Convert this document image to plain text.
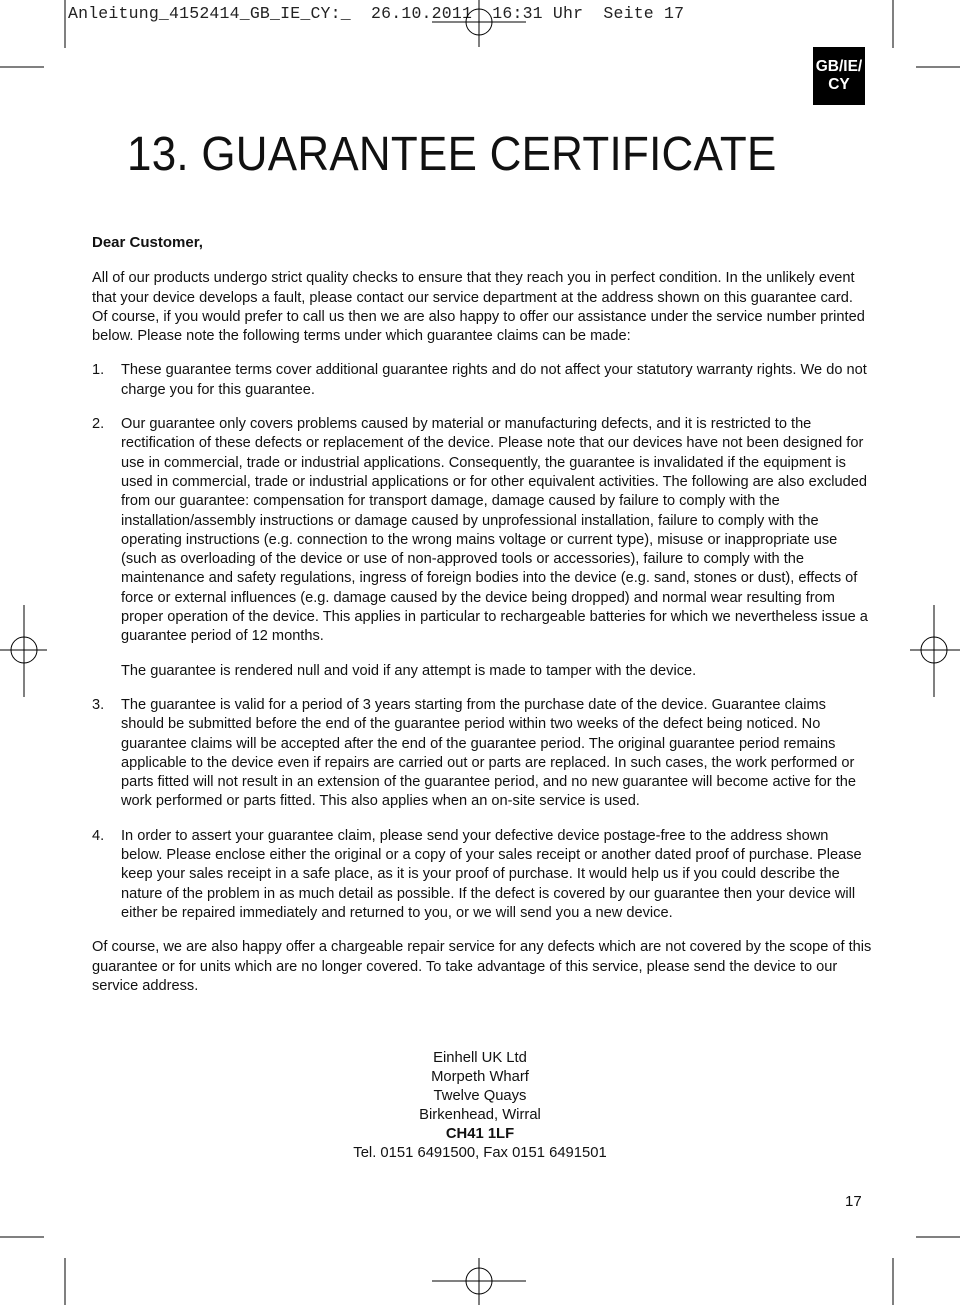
Anleitung_4152414_GB_IE_CY:_  26.10.2011  16:31 Uhr  Seite 17
GB/IE/
CY
13. GUARANTEE CERTIFICATE

Dear Customer,

All of our products undergo strict quality checks to ensure that they reach you in perfect condition. In the unlikely event that your device develops a fault, please contact our service department at the address shown on this guarantee card. Of course, if you would prefer to call us then we are also happy to offer our assistance under the service number printed below. Please note the following terms under which guarantee claims can be made:

1.	These guarantee terms cover additional guarantee rights and do not affect your statutory warranty rights. We do not charge you for this guarantee.

2.	Our guarantee only covers problems caused by material or manufacturing defects, and it is restricted to the rectification of these defects or replacement of the device. Please note that our devices have not been designed for use in commercial, trade or industrial applications. Consequently, the guarantee is invalidated if the equipment is used in commercial, trade or industrial applications or for other equivalent activities. The following are also excluded from our guarantee: compensation for transport damage, damage caused by failure to comply with the installation/assembly instructions or damage caused by unprofessional installation, failure to comply with the operating instructions (e.g. connection to the wrong mains voltage or current type), misuse or inappropriate use (such as overloading of the device or use of non-approved tools or accessories), failure to comply with the maintenance and safety regulations, ingress of foreign bodies into the device (e.g. sand, stones or dust), effects of force or external influences (e.g. damage caused by the device being dropped) and normal wear resulting from proper operation of the device. This applies in particular to rechargeable batteries for which we nevertheless issue a guarantee period of 12 months.

The guarantee is rendered null and void if any attempt is made to tamper with the device.

3.	The guarantee is valid for a period of 3 years starting from the purchase date of the device. Guarantee claims should be submitted before the end of the guarantee period within two weeks of the defect being noticed. No guarantee claims will be accepted after the end of the guarantee period. The original guarantee period remains applicable to the device even if repairs are carried out or parts are replaced. In such cases, the work performed or parts fitted will not result in an extension of the guarantee period, and no new guarantee will become active for the work performed or parts fitted. This also applies when an on-site service is used.

4.	In order to assert your guarantee claim, please send your defective device postage-free to the address shown below. Please enclose either the original or a copy of your sales receipt or another dated proof of purchase. Please keep your sales receipt in a safe place, as it is your proof of purchase. It would help us if you could describe the nature of the problem in as much detail as possible. If the defect is covered by our guarantee then your device will either be repaired immediately and returned to you, or we will send you a new device.

Of course, we are also happy offer a chargeable repair service for any defects which are not covered by the scope of this guarantee or for units which are no longer covered. To take advantage of this service, please send the device to our service address.

Einhell UK Ltd
Morpeth Wharf
Twelve Quays
Birkenhead, Wirral
CH41 1LF
Tel. 0151 6491500, Fax 0151 6491501
17
